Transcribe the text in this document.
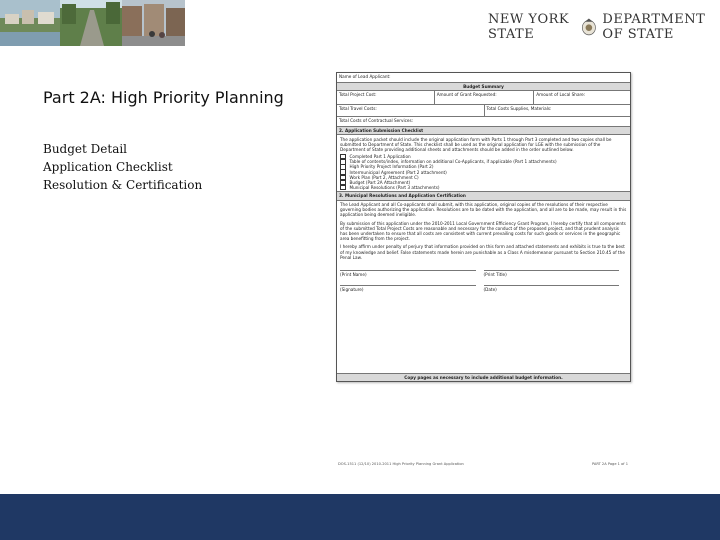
NEW YORK STATE
DEPARTMENT OF STATE
Part 2A: High Priority Planning
Budget Detail
Application Checklist
Resolution & Certification
Name of Lead Applicant:
Budget Summary
Total Project Cost:	Amount of Grant Requested:	Amount of Local Share:
Total Travel Costs:	Total Costs Supplies, Materials:
Total Costs of Contractual Services:
2. Application Submission Checklist
The application packet should include the original application form with Parts 1 through Part 3 completed and two copies shall be submitted to Department of State. This checklist shall be used as the original application for LGE with the submission of the Department of State providing additional sheets and attachments should be added in the order outlined below.
Completed Part 1 Application
Table of contents/index, information on additional Co-Applicants, if applicable (Part 1 attachments)
High Priority Project Information (Part 2)
Intermunicipal Agreement (Part 2 attachment)
Work Plan (Part 2, Attachment C)
Budget (Part 2A Attachment)
Municipal Resolutions (Part 3 attachments)
3. Municipal Resolutions and Application Certification
The Lead Applicant and all Co-applicants shall submit, with this application, original copies of the resolutions of their respective governing bodies authorizing the application. Resolutions are to be dated with the application, and all are to be made, may result in this application being deemed ineligible.
By submission of this application under the 2010-2011 Local Government Efficiency Grant Program, I hereby certify that all components of the submitted Total Project Costs are reasonable and necessary for the conduct of the proposed project, and that prudent analysis has been undertaken to ensure that all costs are consistent with current prevailing costs for such goods or services in the geographic area benefitting from the project.
I hereby affirm under penalty of perjury that information provided on this form and attached statements and exhibits is true to the best of my knowledge and belief. False statements made herein are punishable as a Class A misdemeanor pursuant to Section 210.45 of the Penal Law.
(Print Name)	(Print Title)
(Signature)	(Date)
Copy pages as necessary to include additional budget information.
DOS-1511 (12/10) 2010-2011 High Priority Planning Grant Application	PART 2A Page 1 of 1
